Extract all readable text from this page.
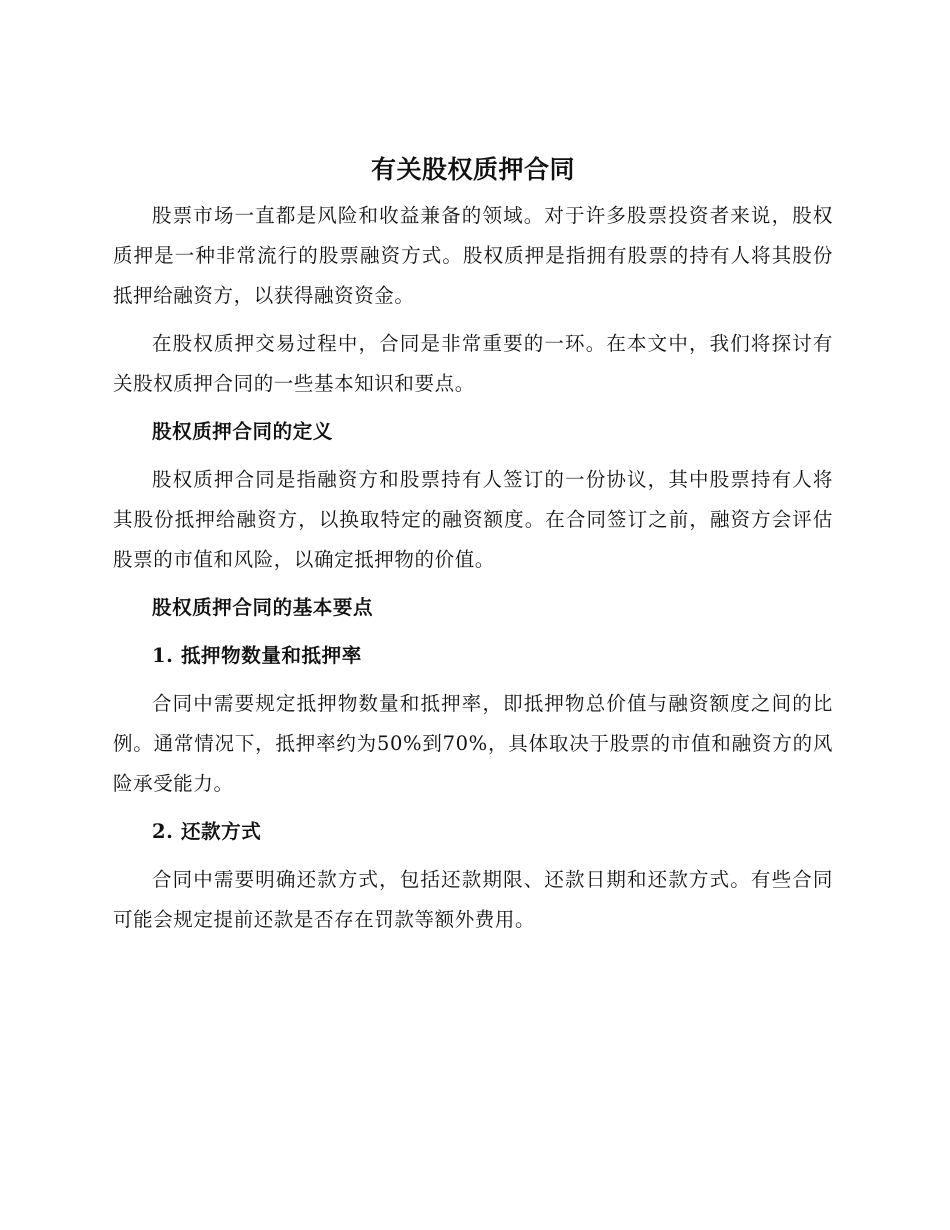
有关股权质押合同

股票市场一直都是风险和收益兼备的领域。对于许多股票投资者来说，股权质押是一种非常流行的股票融资方式。股权质押是指拥有股票的持有人将其股份抵押给融资方，以获得融资资金。

在股权质押交易过程中，合同是非常重要的一环。在本文中，我们将探讨有关股权质押合同的一些基本知识和要点。

股权质押合同的定义

股权质押合同是指融资方和股票持有人签订的一份协议，其中股票持有人将其股份抵押给融资方，以换取特定的融资额度。在合同签订之前，融资方会评估股票的市值和风险，以确定抵押物的价值。

股权质押合同的基本要点

1. 抵押物数量和抵押率

合同中需要规定抵押物数量和抵押率，即抵押物总价值与融资额度之间的比例。通常情况下，抵押率约为50%到70%，具体取决于股票的市值和融资方的风险承受能力。

2. 还款方式

合同中需要明确还款方式，包括还款期限、还款日期和还款方式。有些合同可能会规定提前还款是否存在罚款等额外费用。
